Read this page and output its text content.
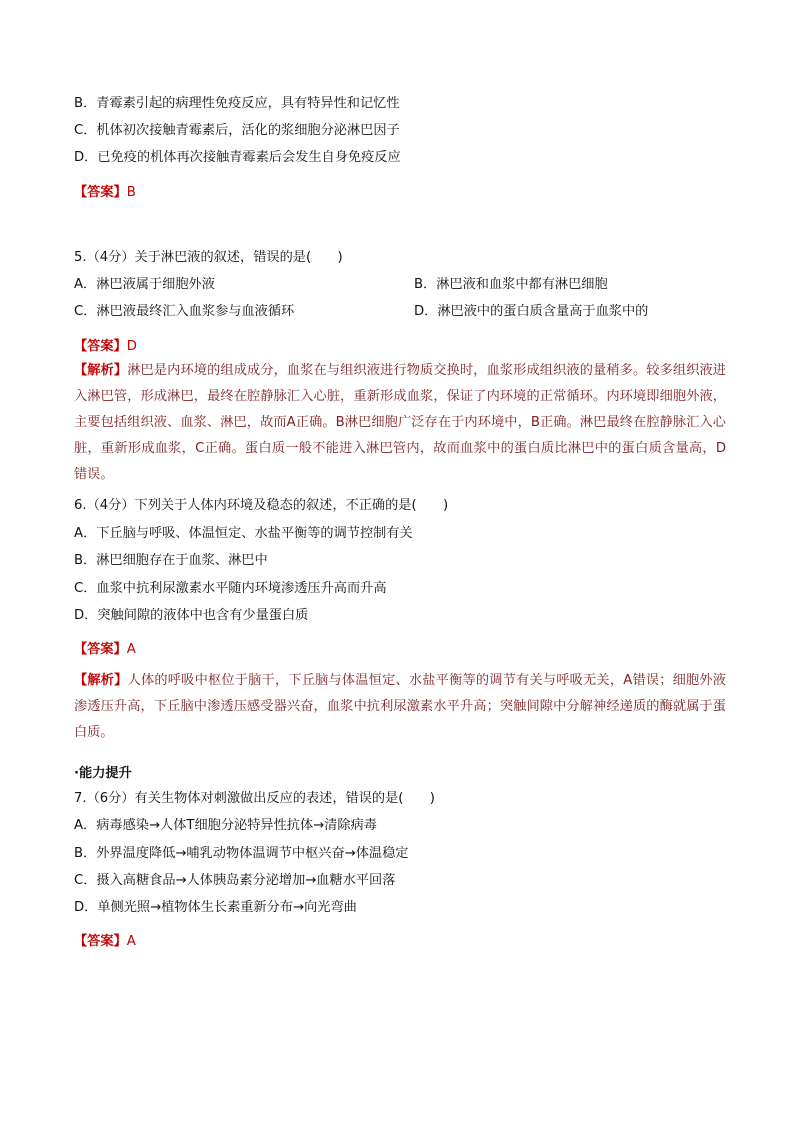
B．青霉素引起的病理性免疫反应，具有特异性和记忆性
C．机体初次接触青霉素后，活化的浆细胞分泌淋巴因子
D．已免疫的机体再次接触青霉素后会发生自身免疫反应
【答案】B
5.（4分）关于淋巴液的叙述，错误的是(　　)
A．淋巴液属于细胞外液	B．淋巴液和血浆中都有淋巴细胞
C．淋巴液最终汇入血浆参与血液循环	D．淋巴液中的蛋白质含量高于血浆中的
【答案】D
【解析】淋巴是内环境的组成成分，血浆在与组织液进行物质交换时，血浆形成组织液的量稍多。较多组织液进入淋巴管，形成淋巴，最终在腔静脉汇入心脏，重新形成血浆，保证了内环境的正常循环。内环境即细胞外液，主要包括组织液、血浆、淋巴，故而A正确。B淋巴细胞广泛存在于内环境中，B正确。淋巴最终在腔静脉汇入心脏，重新形成血浆，C正确。蛋白质一般不能进入淋巴管内，故而血浆中的蛋白质比淋巴中的蛋白质含量高，D错误。
6.（4分）下列关于人体内环境及稳态的叙述，不正确的是(　　)
A．下丘脑与呼吸、体温恒定、水盐平衡等的调节控制有关
B．淋巴细胞存在于血浆、淋巴中
C．血浆中抗利尿激素水平随内环境渗透压升高而升高
D．突触间隙的液体中也含有少量蛋白质
【答案】A
【解析】人体的呼吸中枢位于脑干，下丘脑与体温恒定、水盐平衡等的调节有关与呼吸无关，A错误；细胞外液渗透压升高，下丘脑中渗透压感受器兴奋，血浆中抗利尿激素水平升高；突触间隙中分解神经递质的酶就属于蛋白质。
·能力提升
7.（6分）有关生物体对刺激做出反应的表述，错误的是(　　)
A．病毒感染→人体T细胞分泌特异性抗体→清除病毒
B．外界温度降低→哺乳动物体温调节中枢兴奋→体温稳定
C．摄入高糖食品→人体胰岛素分泌增加→血糖水平回落
D．单侧光照→植物体生长素重新分布→向光弯曲
【答案】A
